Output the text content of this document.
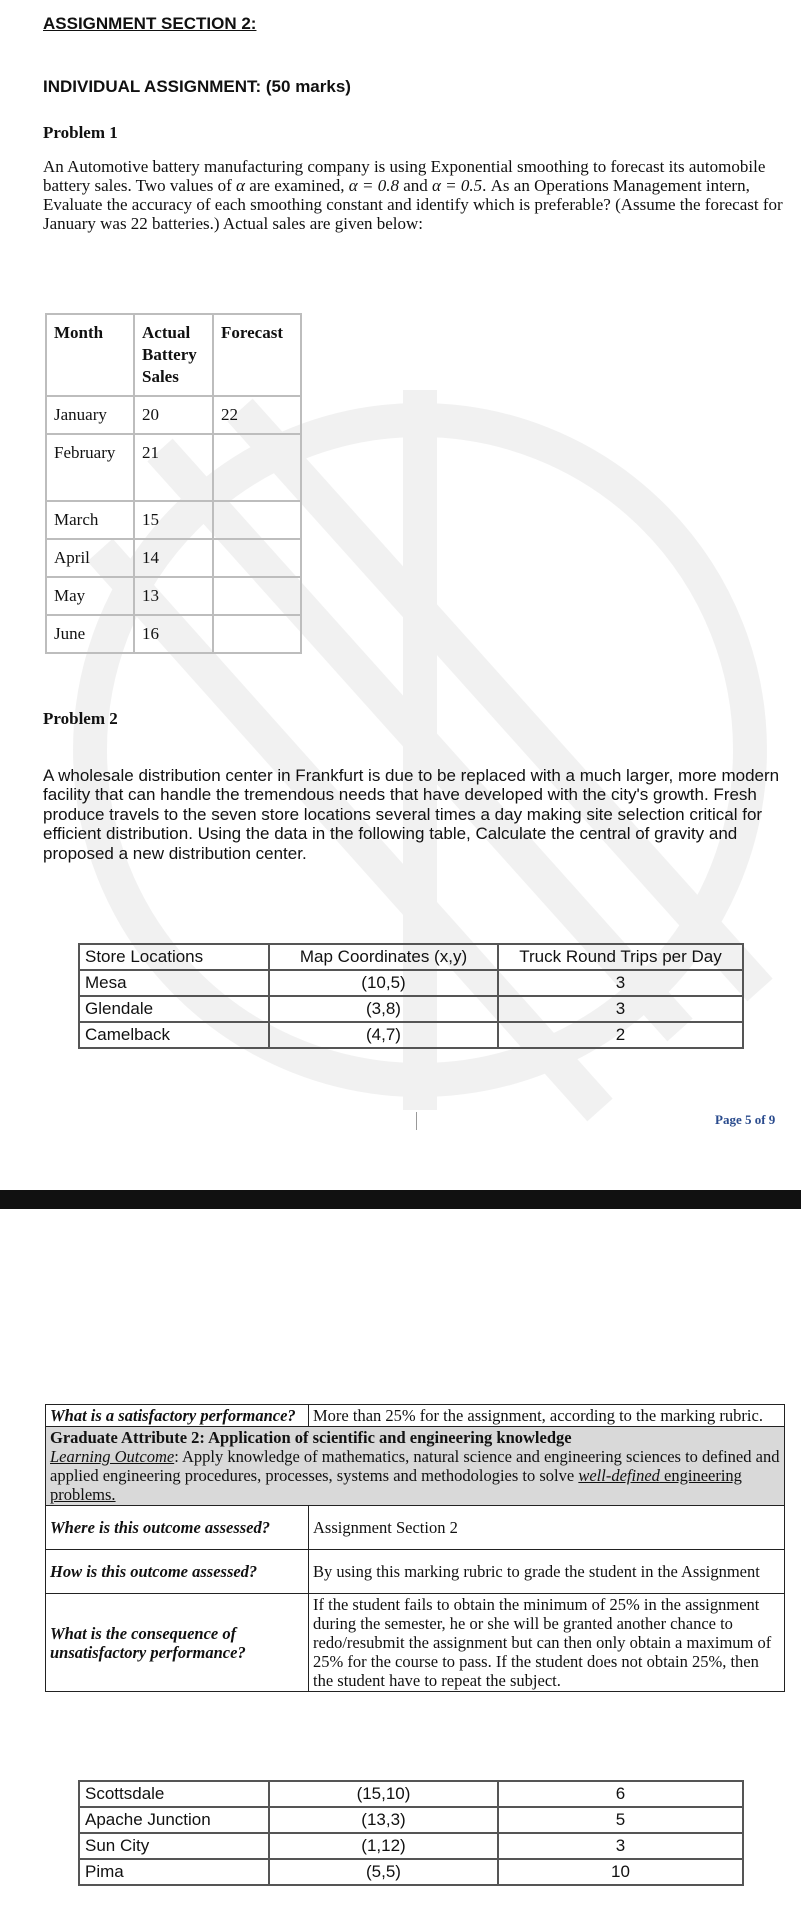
ASSIGNMENT SECTION 2:
INDIVIDUAL ASSIGNMENT: (50 marks)
Problem 1
An Automotive battery manufacturing company is using Exponential smoothing to forecast its automobile battery sales. Two values of α are examined, α = 0.8 and α = 0.5. As an Operations Management intern, Evaluate the accuracy of each smoothing constant and identify which is preferable? (Assume the forecast for January was 22 batteries.) Actual sales are given below:
Month	Actual Battery Sales	Forecast
January	20	22
February	21	
March	15	
April	14	
May	13	
June	16	
Problem 2
A wholesale distribution center in Frankfurt is due to be replaced with a much larger, more modern facility that can handle the tremendous needs that have developed with the city's growth. Fresh produce travels to the seven store locations several times a day making site selection critical for efficient distribution. Using the data in the following table, Calculate the central of gravity and proposed a new distribution center.
Store Locations	Map Coordinates (x,y)	Truck Round Trips per Day
Mesa	(10,5)	3
Glendale	(3,8)	3
Camelback	(4,7)	2
Page 5 of 9
What is a satisfactory performance?	More than 25% for the assignment, according to the marking rubric.
Graduate Attribute 2: Application of scientific and engineering knowledge
Learning Outcome: Apply knowledge of mathematics, natural science and engineering sciences to defined and applied engineering procedures, processes, systems and methodologies to solve well-defined engineering problems.	
Where is this outcome assessed?	Assignment Section 2
How is this outcome assessed?	By using this marking rubric to grade the student in the Assignment
What is the consequence of unsatisfactory performance?	If the student fails to obtain the minimum of 25% in the assignment during the semester, he or she will be granted another chance to redo/resubmit the assignment but can then only obtain a maximum of 25% for the course to pass. If the student does not obtain 25%, then the student have to repeat the subject.
Scottsdale	(15,10)	6
Apache Junction	(13,3)	5
Sun City	(1,12)	3
Pima	(5,5)	10
